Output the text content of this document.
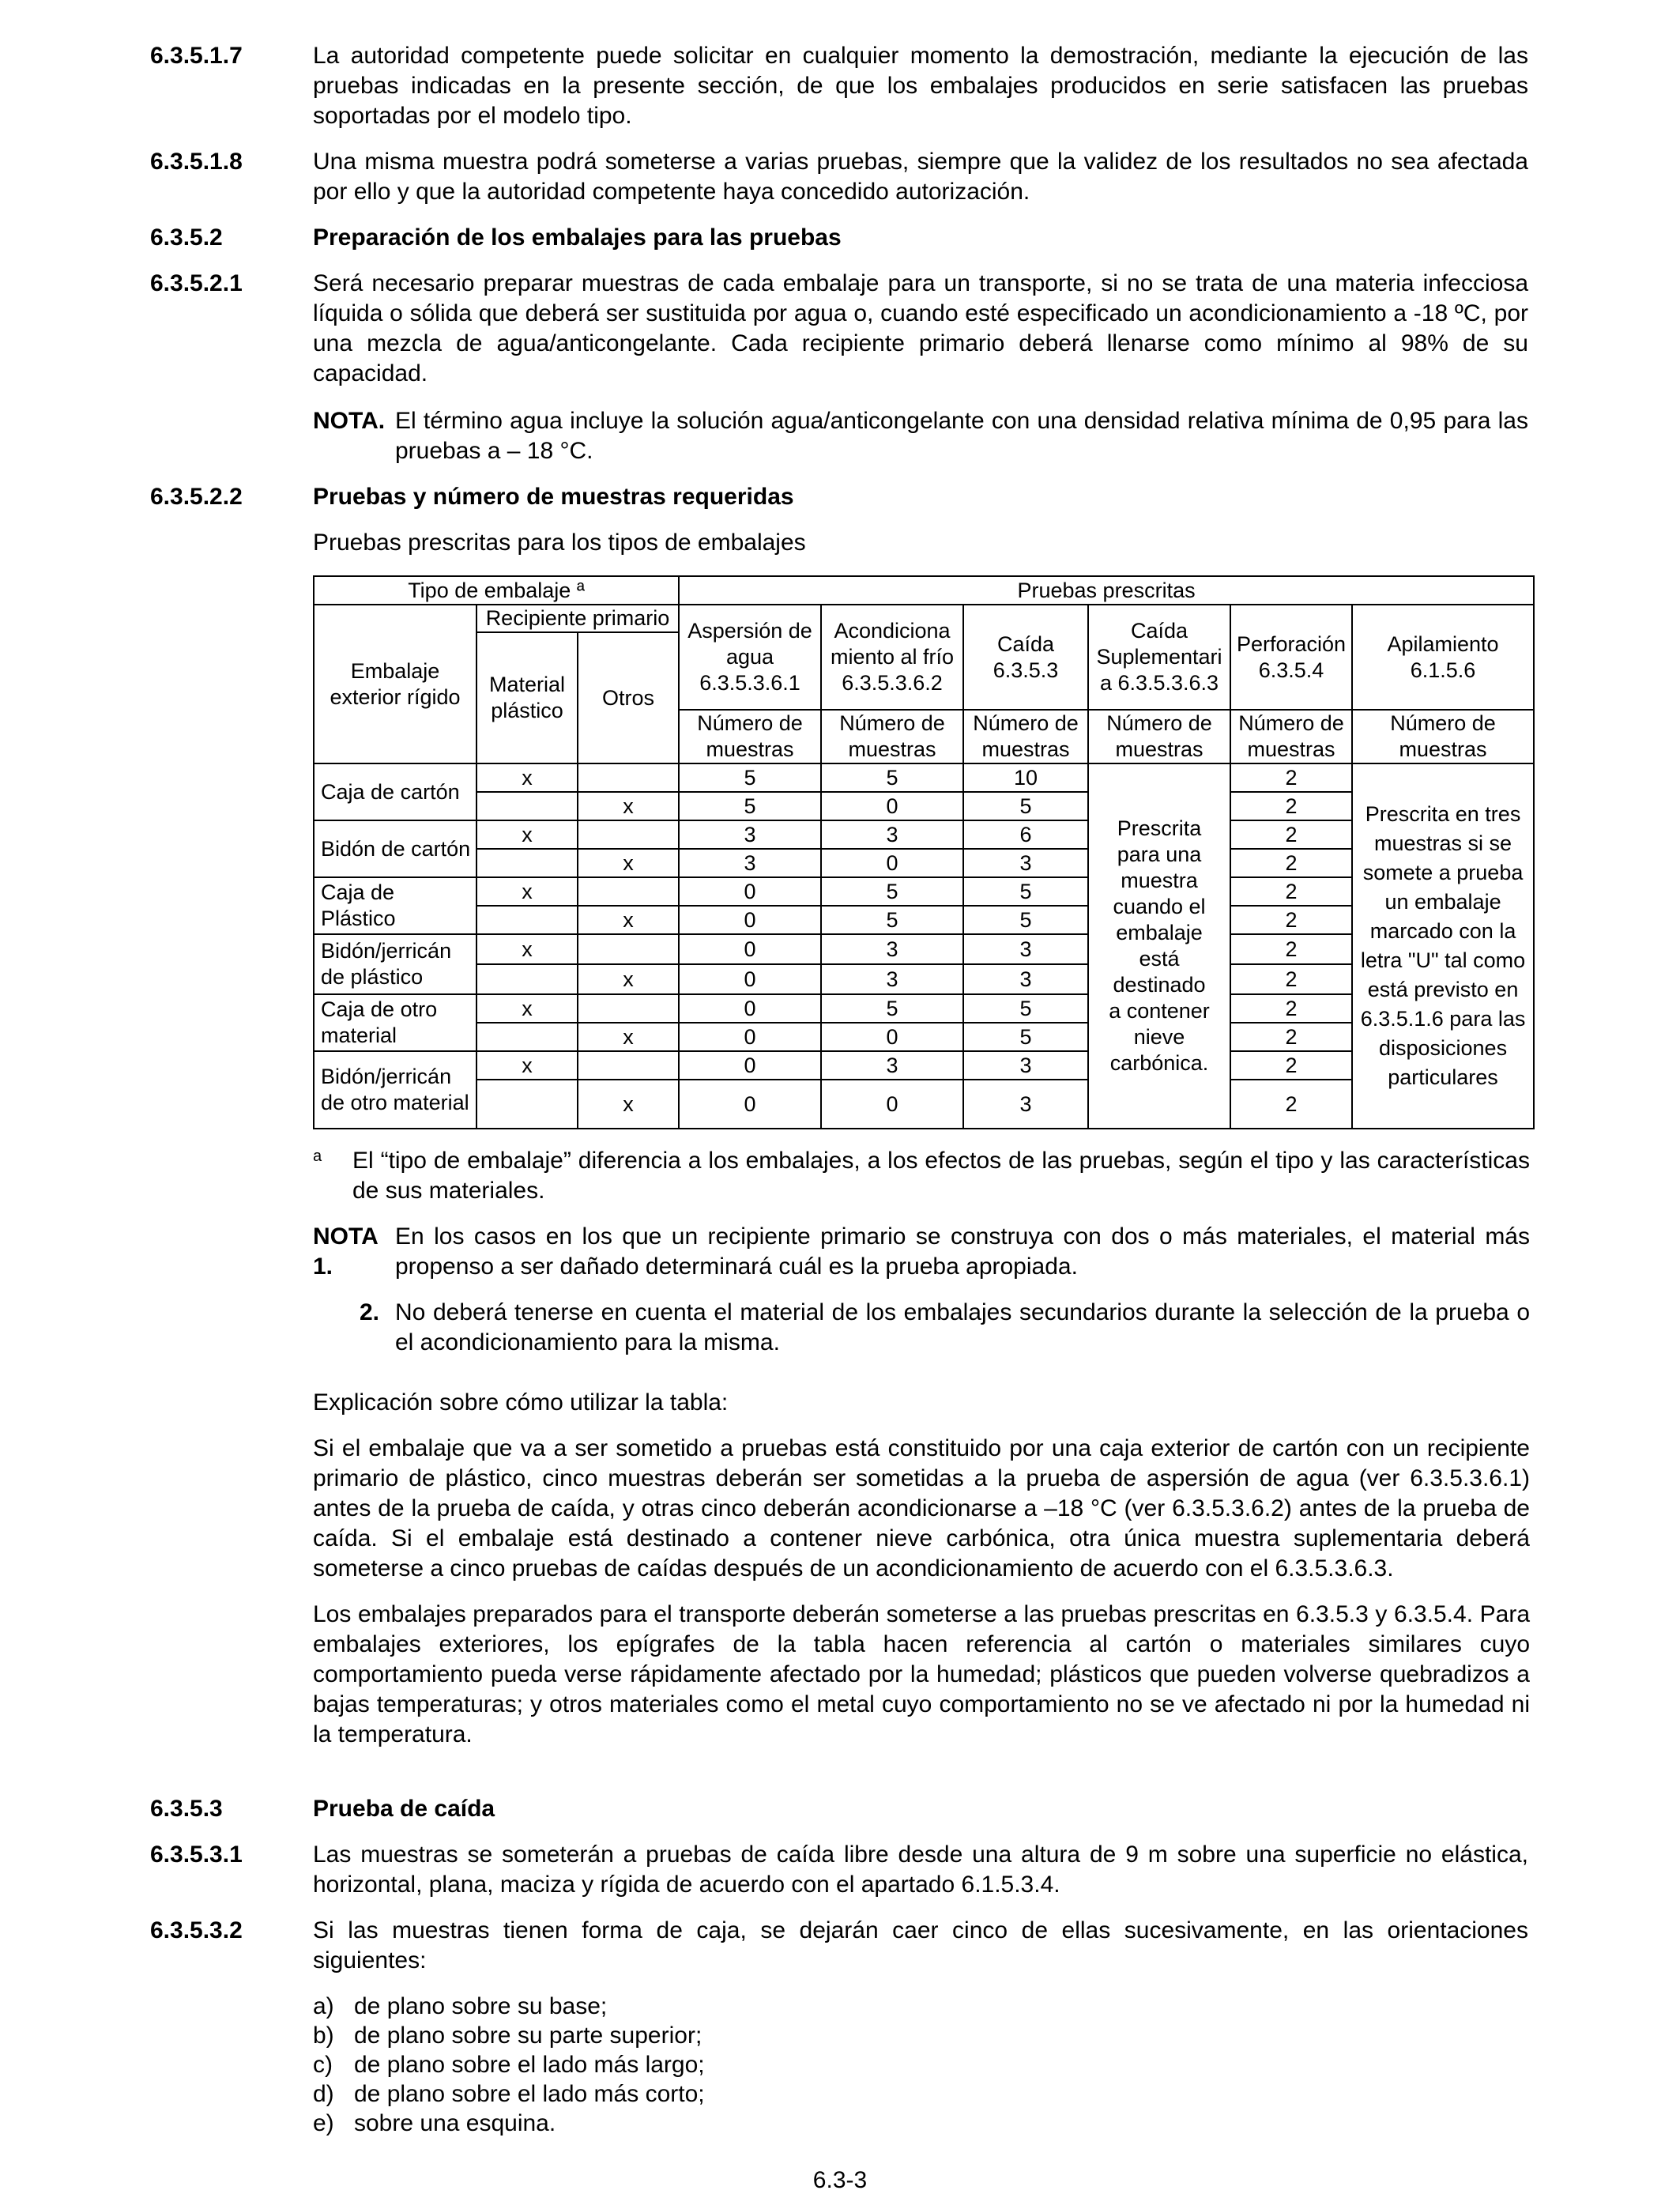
6.3.5.1.7	La autoridad competente puede solicitar en cualquier momento la demostración, mediante la ejecución de las pruebas indicadas en la presente sección, de que los embalajes producidos en serie satisfacen las pruebas soportadas por el modelo tipo.

6.3.5.1.8	Una misma muestra podrá someterse a varias pruebas, siempre que la validez de los resultados no sea afectada por ello y que la autoridad competente haya concedido autorización.

6.3.5.2	Preparación de los embalajes para las pruebas

6.3.5.2.1	Será necesario preparar muestras de cada embalaje para un transporte, si no se trata de una materia infecciosa líquida o sólida que deberá ser sustituida por agua o, cuando esté especificado un acondicionamiento a -18 ºC, por una mezcla de agua/anticongelante. Cada recipiente primario deberá llenarse como mínimo al 98% de su capacidad.

NOTA. El término agua incluye la solución agua/anticongelante con una densidad relativa mínima de 0,95 para las pruebas a – 18 °C.
6.3.5.2.2	Pruebas y número de muestras requeridas

Pruebas prescritas para los tipos de embalajes

Tipo de embalaje ª			Pruebas prescritas					
Embalaje exterior rígido	Recipiente primario		Aspersión de agua 6.3.5.3.6.1	Acondiciona miento al frío 6.3.5.3.6.2	Caída 6.3.5.3	Caída Suplementari a 6.3.5.3.6.3	Perforación 6.3.5.4	Apilamiento 6.1.5.6
	Material plástico	Otros						
			Número de muestras	Número de muestras	Número de muestras	Número de muestras	Número de muestras	Número de muestras
Caja de cartón	x		5	5	10	Prescrita para una muestra cuando el embalaje está destinado a contener nieve carbónica.	2	Prescrita en tres muestras si se somete a prueba un embalaje marcado con la letra "U" tal como está previsto en 6.3.5.1.6 para las disposiciones particulares
		x	5	0	5		2	
Bidón de cartón	x		3	3	6		2	
		x	3	0	3		2	
Caja de Plástico	x		0	5	5		2	
		x	0	5	5		2	
Bidón/jerricán de plástico	x		0	3	3		2	
		x	0	3	3		2	
Caja de otro material	x		0	5	5		2	
		x	0	0	5		2	
Bidón/jerricán de otro material	x		0	3	3		2	
		x	0	0	3		2	
a El “tipo de embalaje” diferencia a los embalajes, a los efectos de las pruebas, según el tipo y las características de sus materiales.
NOTA 1.
En los casos en los que un recipiente primario se construya con dos o más materiales, el material más propenso a ser dañado determinará cuál es la prueba apropiada.
2. No deberá tenerse en cuenta el material de los embalajes secundarios durante la selección de la prueba o el acondicionamiento para la misma.

Explicación sobre cómo utilizar la tabla:

Si el embalaje que va a ser sometido a pruebas está constituido por una caja exterior de cartón con un recipiente primario de plástico, cinco muestras deberán ser sometidas a la prueba de aspersión de agua (ver 6.3.5.3.6.1) antes de la prueba de caída, y otras cinco deberán acondicionarse a –18 °C (ver 6.3.5.3.6.2) antes de la prueba de caída. Si el embalaje está destinado a contener nieve carbónica, otra única muestra suplementaria deberá someterse a cinco pruebas de caídas después de un acondicionamiento de acuerdo con el 6.3.5.3.6.3.

Los embalajes preparados para el transporte deberán someterse a las pruebas prescritas en 6.3.5.3 y 6.3.5.4. Para embalajes exteriores, los epígrafes de la tabla hacen referencia al cartón o materiales similares cuyo comportamiento pueda verse rápidamente afectado por la humedad; plásticos que pueden volverse quebradizos a bajas temperaturas; y otros materiales como el metal cuyo comportamiento no se ve afectado ni por la humedad ni la temperatura.

6.3.5.3	Prueba de caída

6.3.5.3.1	Las muestras se someterán a pruebas de caída libre desde una altura de 9 m sobre una superficie no elástica, horizontal, plana, maciza y rígida de acuerdo con el apartado 6.1.5.3.4.

6.3.5.3.2	Si las muestras tienen forma de caja, se dejarán caer cinco de ellas sucesivamente, en las orientaciones siguientes:

a) de plano sobre su base;
b) de plano sobre su parte superior;
c) de plano sobre el lado más largo;
d) de plano sobre el lado más corto;
e) sobre una esquina.
6.3-3
